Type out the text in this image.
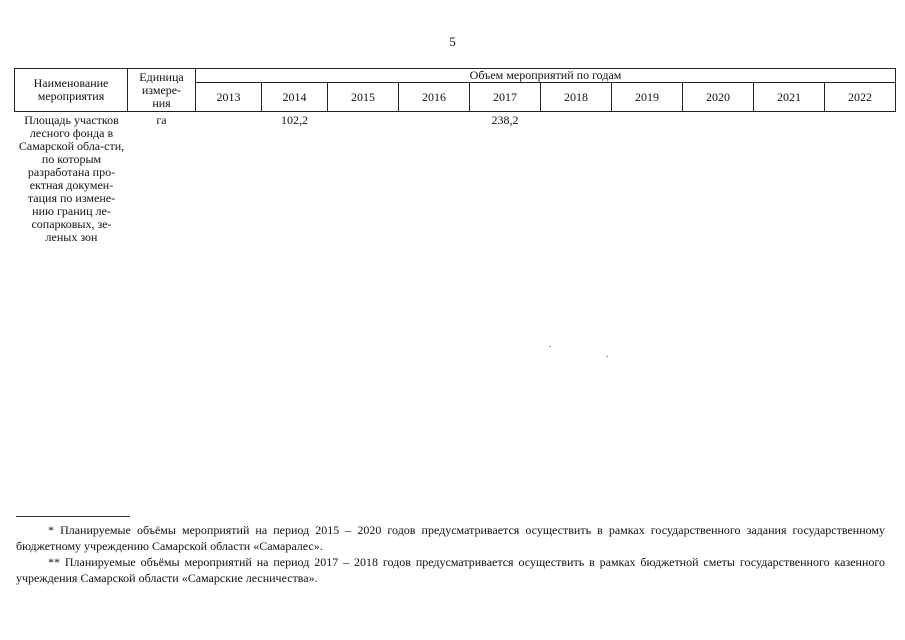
5
Наименование мероприятия	Единица измере-ния	Объем мероприятий по годам									
		2013	2014	2015	2016	2017	2018	2019	2020	2021	2022
Площадь участков лесного фонда в Самарской обла-сти, по которым разработана про-ектная докумен-тация по измене-нию границ ле-сопарковых, зе-леных зон	га		102,2			238,2					

* Планируемые объёмы мероприятий на период 2015 – 2020 годов предусматривается осуществить в рамках государственного задания государственному бюджетному учреждению Самарской области «Самаралес».

** Планируемые объёмы мероприятий на период 2017 – 2018 годов предусматривается осуществить в рамках бюджетной сметы государственного казенного учреждения Самарской области «Самарские лесничества».
